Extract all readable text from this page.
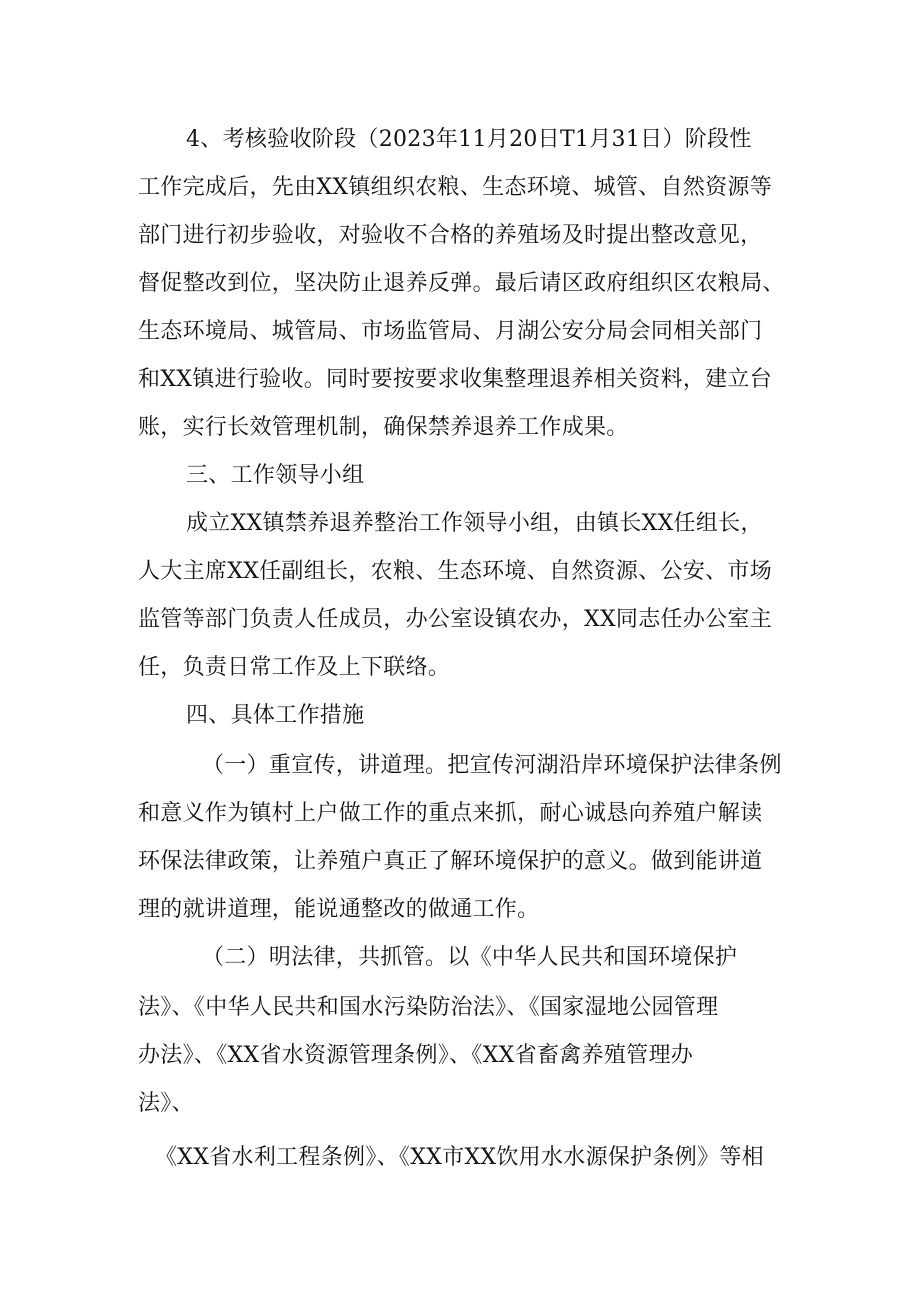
4、考核验收阶段（2023年11月20日T1月31日）阶段性
工作完成后，先由XX镇组织农粮、生态环境、城管、自然资源等
部门进行初步验收，对验收不合格的养殖场及时提出整改意见，
督促整改到位，坚决防止退养反弹。最后请区政府组织区农粮局、
生态环境局、城管局、市场监管局、月湖公安分局会同相关部门
和XX镇进行验收。同时要按要求收集整理退养相关资料，建立台
账，实行长效管理机制，确保禁养退养工作成果。
三、工作领导小组
成立XX镇禁养退养整治工作领导小组，由镇长XX任组长，
人大主席XX任副组长，农粮、生态环境、自然资源、公安、市场
监管等部门负责人任成员，办公室设镇农办，XX同志任办公室主
任，负责日常工作及上下联络。
四、具体工作措施
（一）重宣传，讲道理。把宣传河湖沿岸环境保护法律条例
和意义作为镇村上户做工作的重点来抓，耐心诚恳向养殖户解读
环保法律政策，让养殖户真正了解环境保护的意义。做到能讲道
理的就讲道理，能说通整改的做通工作。
（二）明法律，共抓管。以《中华人民共和国环境保护
法》、《中华人民共和国水污染防治法》、《国家湿地公园管理
办法》、《XX省水资源管理条例》、《XX省畜禽养殖管理办
法》、
《XX省水利工程条例》、《XX市XX饮用水水源保护条例》等相
